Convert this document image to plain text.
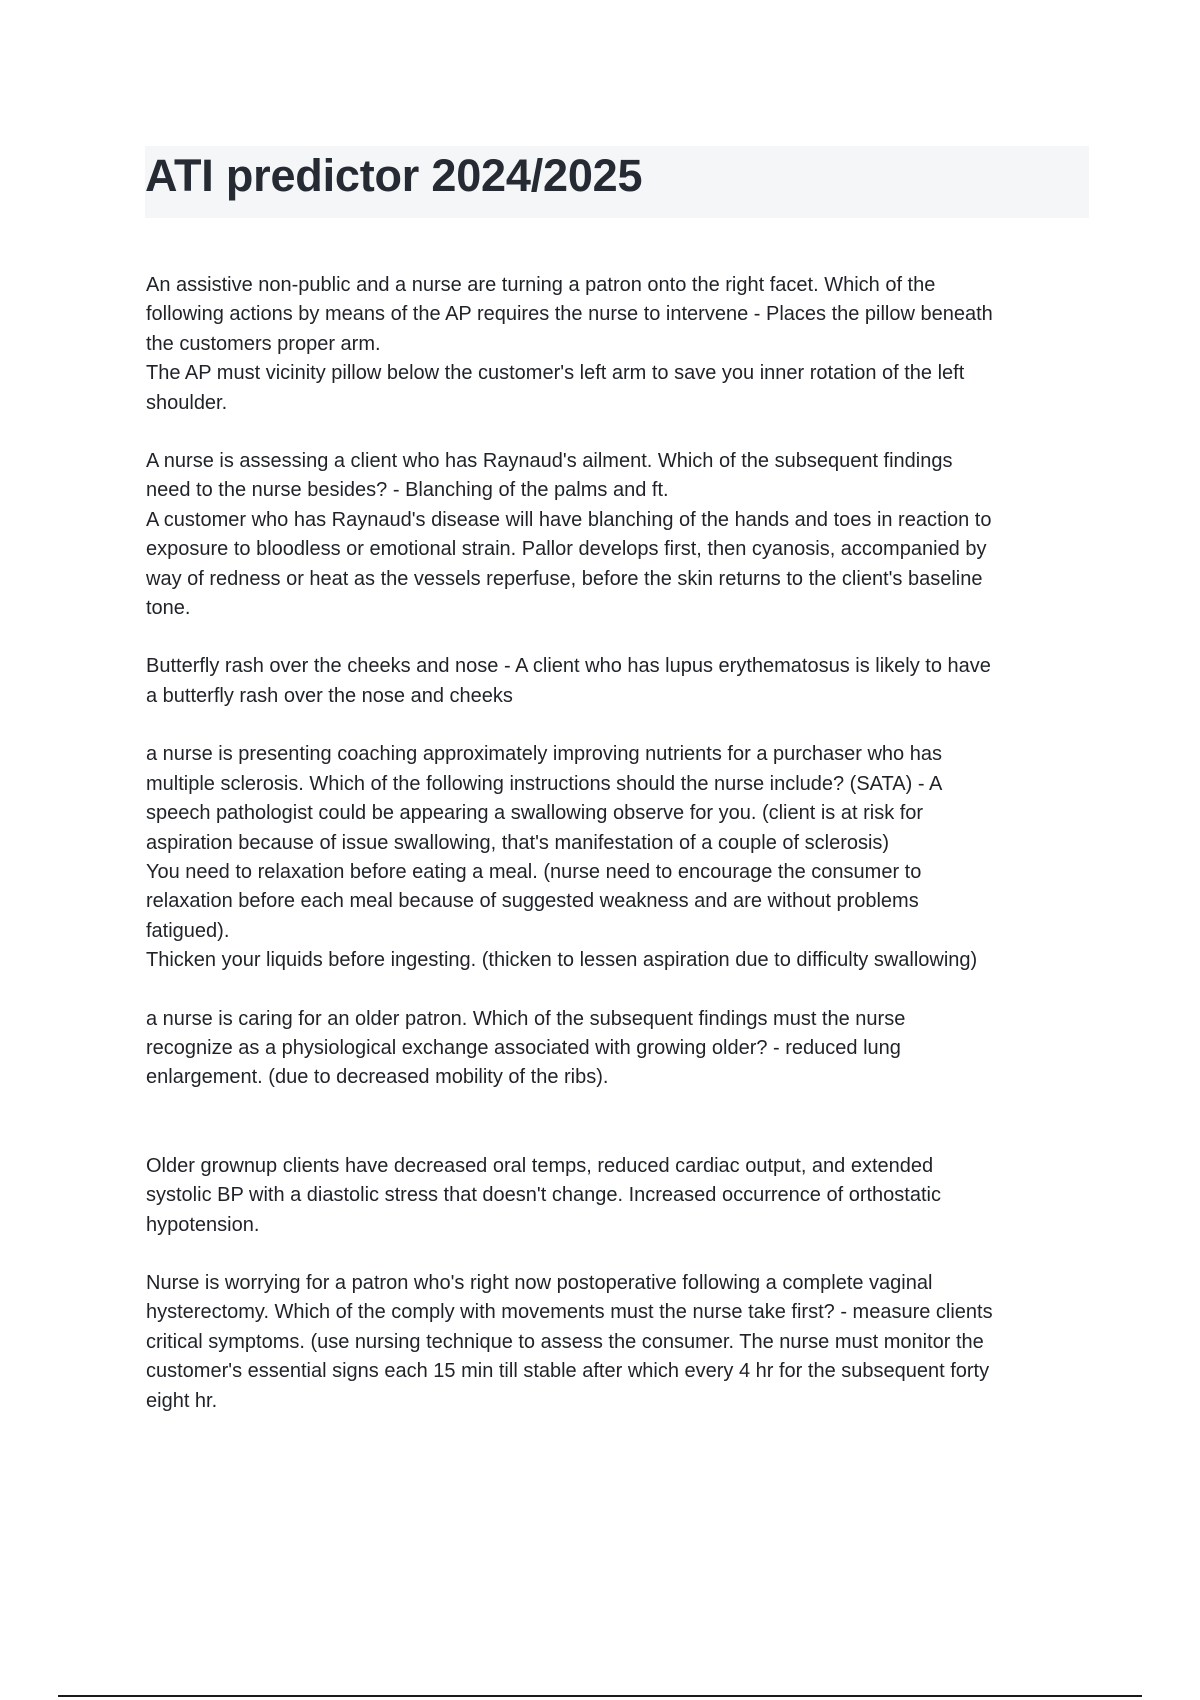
ATI predictor 2024/2025

An assistive non-public and a nurse are turning a patron onto the right facet. Which of the
following actions by means of the AP requires the nurse to intervene - Places the pillow beneath
the customers proper arm.
The AP must vicinity pillow below the customer's left arm to save you inner rotation of the left
shoulder.

A nurse is assessing a client who has Raynaud's ailment. Which of the subsequent findings
need to the nurse besides? - Blanching of the palms and ft.
A customer who has Raynaud's disease will have blanching of the hands and toes in reaction to
exposure to bloodless or emotional strain. Pallor develops first, then cyanosis, accompanied by
way of redness or heat as the vessels reperfuse, before the skin returns to the client's baseline
tone.

Butterfly rash over the cheeks and nose - A client who has lupus erythematosus is likely to have
a butterfly rash over the nose and cheeks

a nurse is presenting coaching approximately improving nutrients for a purchaser who has
multiple sclerosis. Which of the following instructions should the nurse include? (SATA) - A
speech pathologist could be appearing a swallowing observe for you. (client is at risk for
aspiration because of issue swallowing, that's manifestation of a couple of sclerosis)
You need to relaxation before eating a meal. (nurse need to encourage the consumer to
relaxation before each meal because of suggested weakness and are without problems
fatigued).
Thicken your liquids before ingesting. (thicken to lessen aspiration due to difficulty swallowing)

a nurse is caring for an older patron. Which of the subsequent findings must the nurse
recognize as a physiological exchange associated with growing older? - reduced lung
enlargement. (due to decreased mobility of the ribs).

Older grownup clients have decreased oral temps, reduced cardiac output, and extended
systolic BP with a diastolic stress that doesn't change. Increased occurrence of orthostatic
hypotension.

Nurse is worrying for a patron who's right now postoperative following a complete vaginal
hysterectomy. Which of the comply with movements must the nurse take first? - measure clients
critical symptoms. (use nursing technique to assess the consumer. The nurse must monitor the
customer's essential signs each 15 min till stable after which every 4 hr for the subsequent forty
eight hr.
